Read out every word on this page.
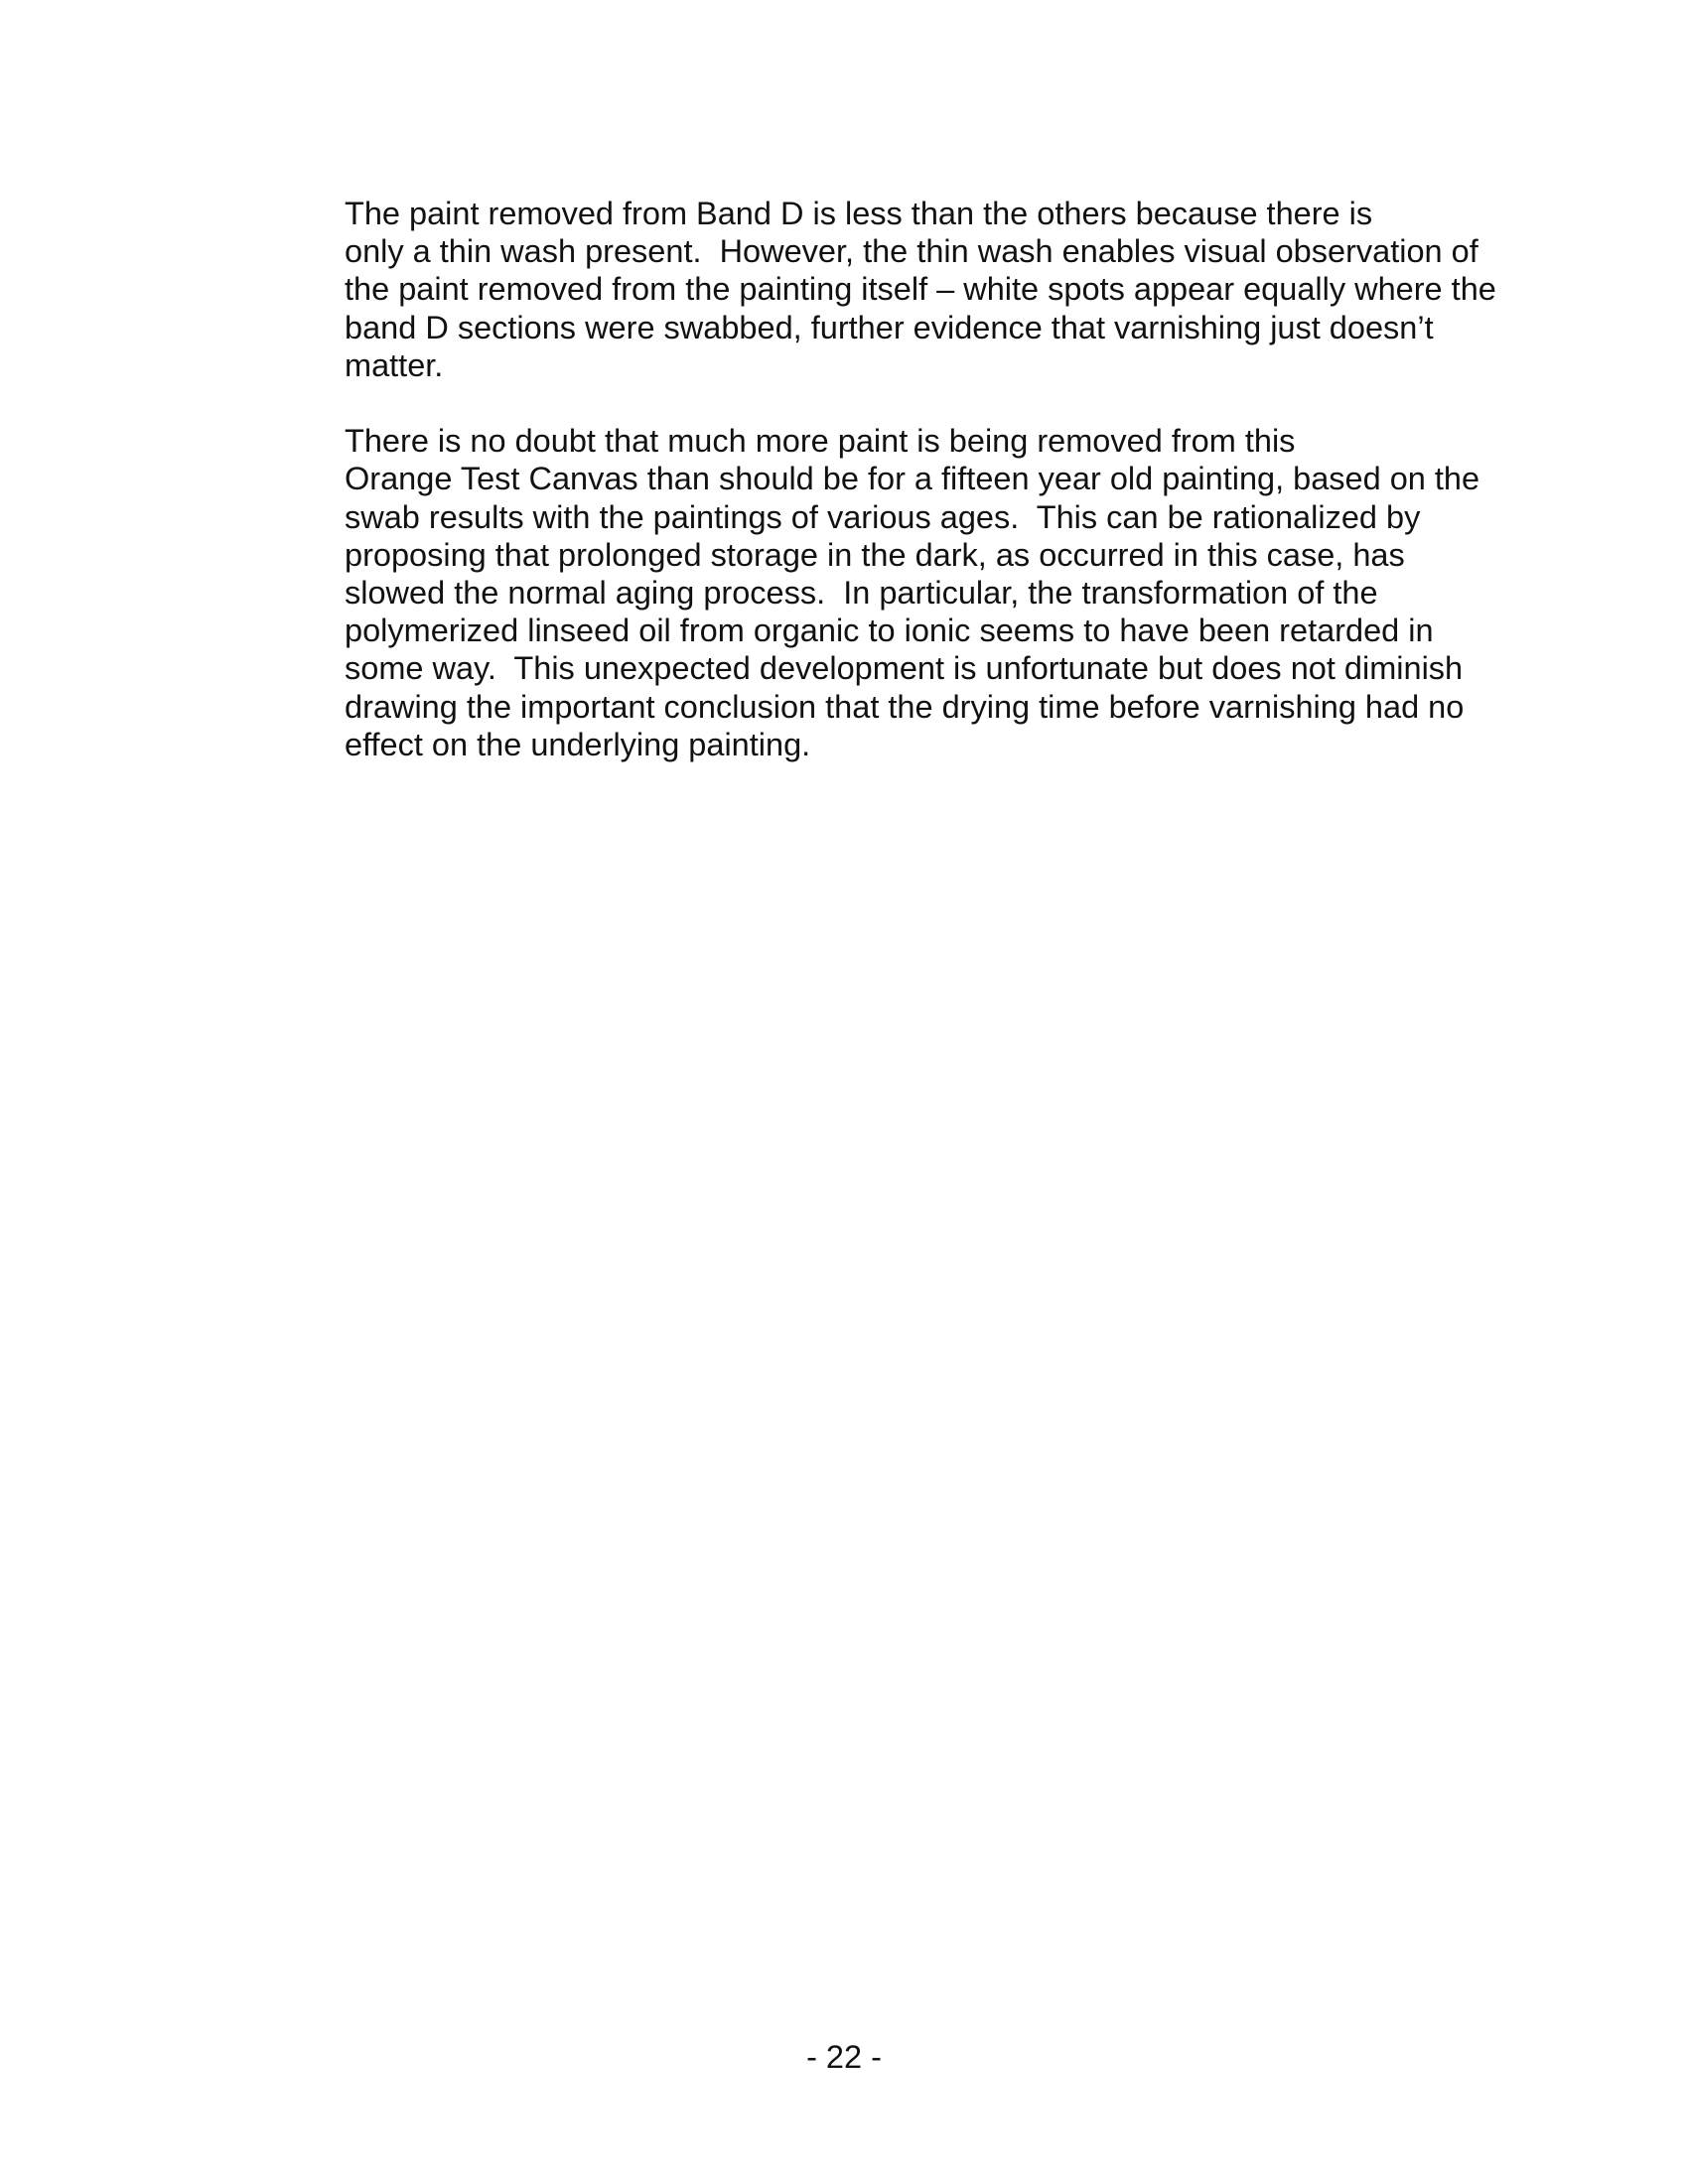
The paint removed from Band D is less than the others because there is
only a thin wash present.  However, the thin wash enables visual observation of
the paint removed from the painting itself – white spots appear equally where the
band D sections were swabbed, further evidence that varnishing just doesn’t
matter.

There is no doubt that much more paint is being removed from this
Orange Test Canvas than should be for a fifteen year old painting, based on the
swab results with the paintings of various ages.  This can be rationalized by
proposing that prolonged storage in the dark, as occurred in this case, has
slowed the normal aging process.  In particular, the transformation of the
polymerized linseed oil from organic to ionic seems to have been retarded in
some way.  This unexpected development is unfortunate but does not diminish
drawing the important conclusion that the drying time before varnishing had no
effect on the underlying painting.

- 22 -
